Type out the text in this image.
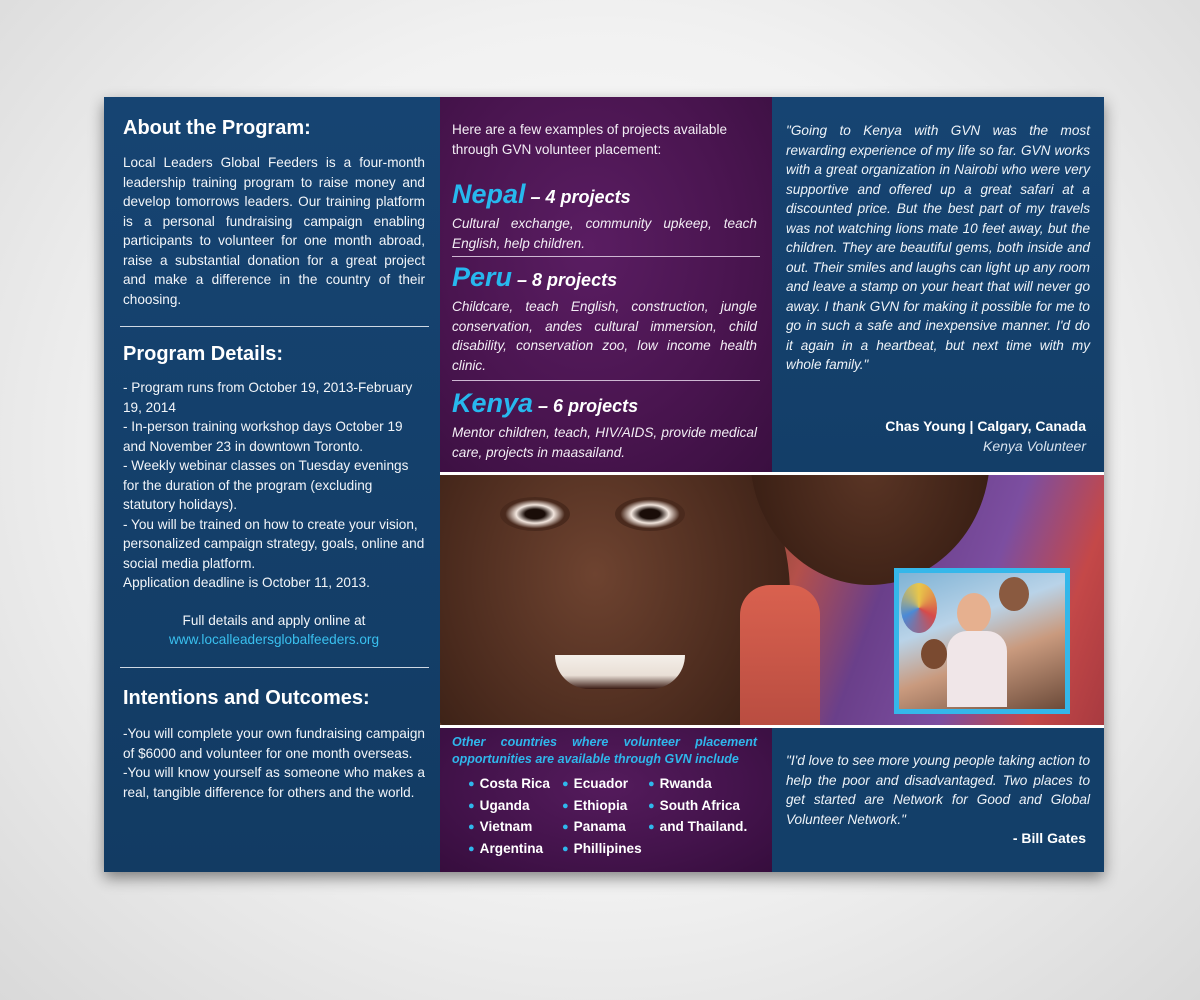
About the Program:

Local Leaders Global Feeders is a four-month leadership training program to raise money and develop tomorrows leaders. Our training platform is a personal fundraising campaign enabling participants to volunteer for one month abroad, raise a substantial donation for a great project and make a difference in the country of their choosing.

Program Details:

- Program runs from October 19, 2013-February 19, 2014

- In-person training workshop days October 19 and November 23 in downtown Toronto.

- Weekly webinar classes on Tuesday evenings for the duration of the program (excluding statutory holidays).

- You will be trained on how to create your vision, personalized campaign strategy, goals, online and social media platform.

Application deadline is October 11, 2013.

Full details and apply online at

www.localleadersglobalfeeders.org

Intentions and Outcomes:

-You will complete your own fundraising campaign of $6000 and volunteer for one month overseas.

-You will know yourself as someone who makes a real, tangible difference for others and the world.

Here are a few examples of projects available through GVN volunteer placement:

Nepal – 4 projects

Cultural exchange, community upkeep, teach English, help children.

Peru – 8 projects

Childcare, teach English, construction, jungle conservation, andes cultural immersion, child disability, conservation zoo, low income health clinic.

Kenya – 6 projects

Mentor children, teach, HIV/AIDS, provide medical care, projects in maasailand.

"Going to Kenya with GVN was the most rewarding experience of my life so far. GVN works with a great organization in Nairobi who were very supportive and offered up a great safari at a discounted price. But the best part of my travels was not watching lions mate 10 feet away, but the children. They are beautiful gems, both inside and out. Their smiles and laughs can light up any room and leave a stamp on your heart that will never go away. I thank GVN for making it possible for me to go in such a safe and inexpensive manner. I'd do it again in a heartbeat, but next time with my whole family."

Chas Young | Calgary, Canada

Kenya Volunteer

Other countries where volunteer placement opportunities are available through GVN include

● Costa Rica
● Uganda
● Vietnam
● Argentina
● Ecuador
● Ethiopia
● Panama
● Phillipines
● Rwanda
● South Africa
● and Thailand.

"I'd love to see more young people taking action to help the poor and disadvantaged. Two places to get started are Network for Good and Global Volunteer Network."

- Bill Gates
